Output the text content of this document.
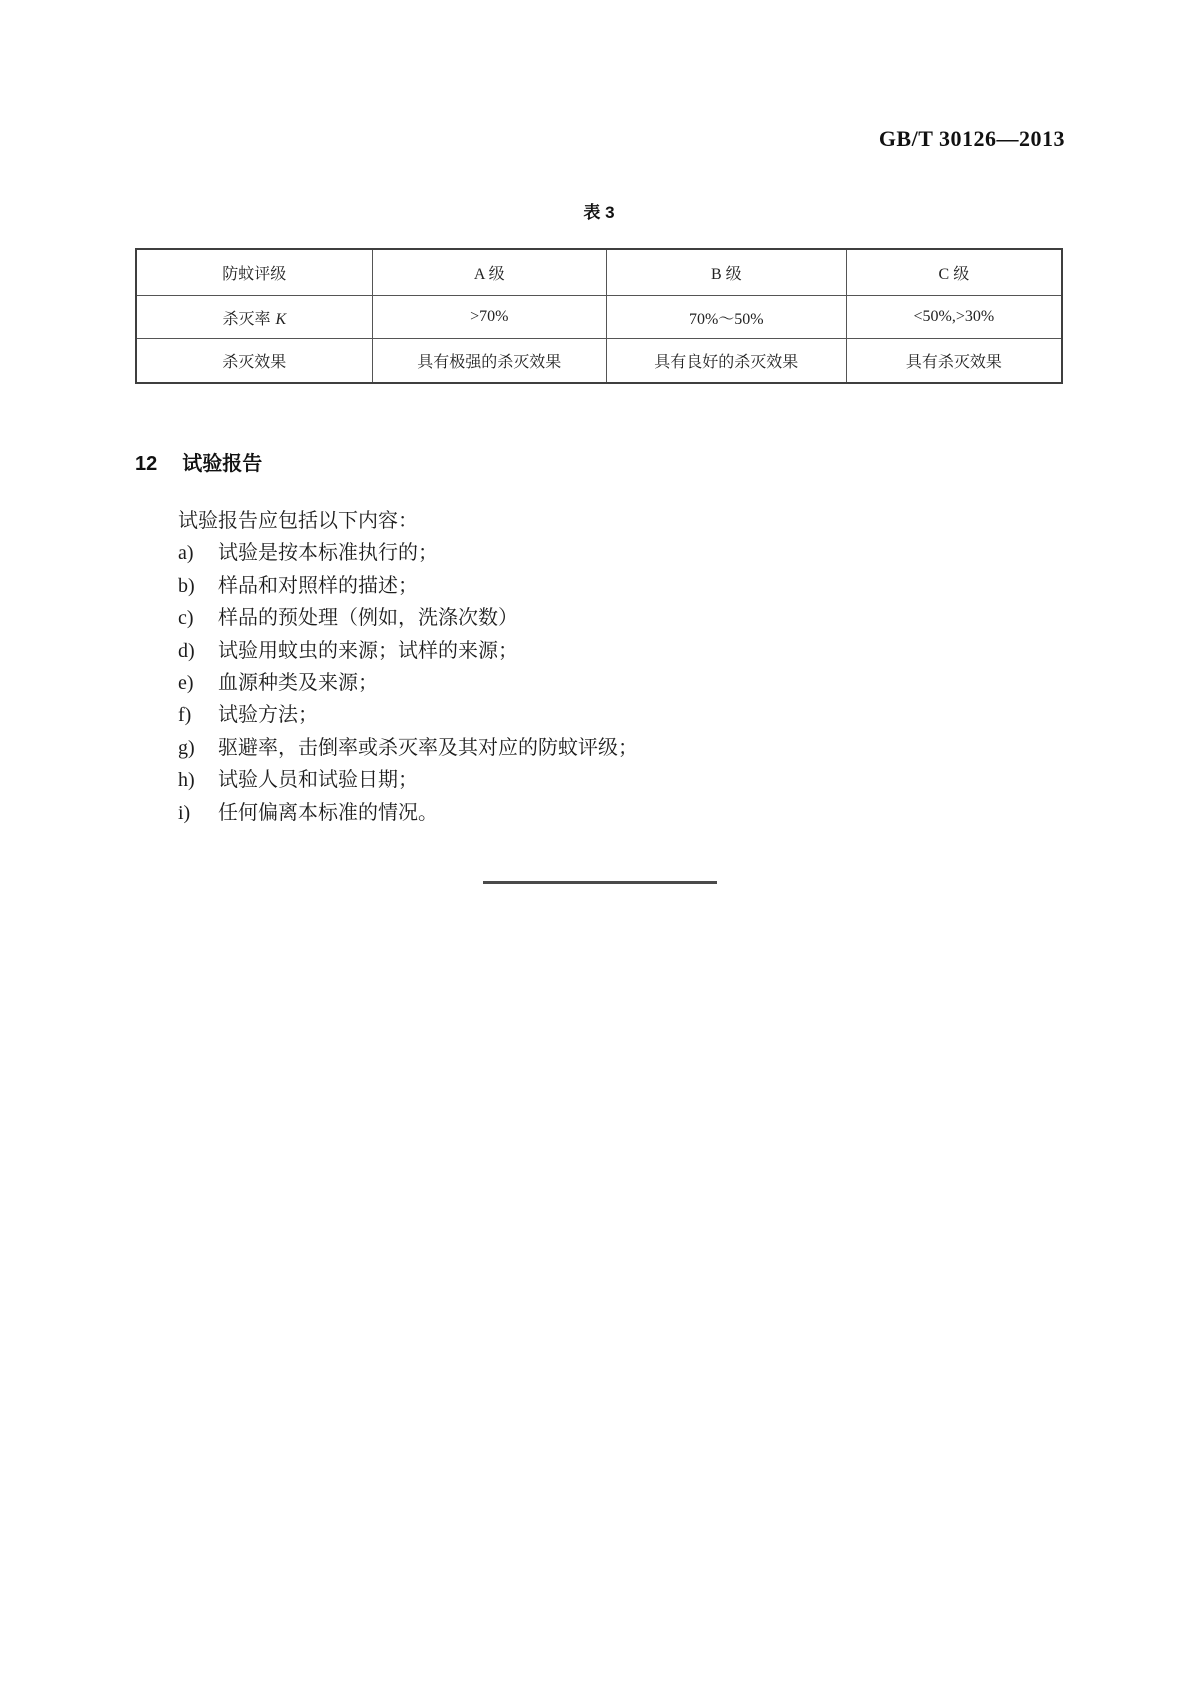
GB/T 30126—2013
表 3
防蚊评级	A 级	B 级	C 级
杀灭率 K	>70%	70%～50%	<50%,>30%
杀灭效果	具有极强的杀灭效果	具有良好的杀灭效果	具有杀灭效果
12 试验报告

试验报告应包括以下内容：

a) 试验是按本标准执行的；

b) 样品和对照样的描述；

c) 样品的预处理（例如，洗涤次数）

d) 试验用蚊虫的来源；试样的来源；

e) 血源种类及来源；

f) 试验方法；

g) 驱避率，击倒率或杀灭率及其对应的防蚊评级；

h) 试验人员和试验日期；

i) 任何偏离本标准的情况。
